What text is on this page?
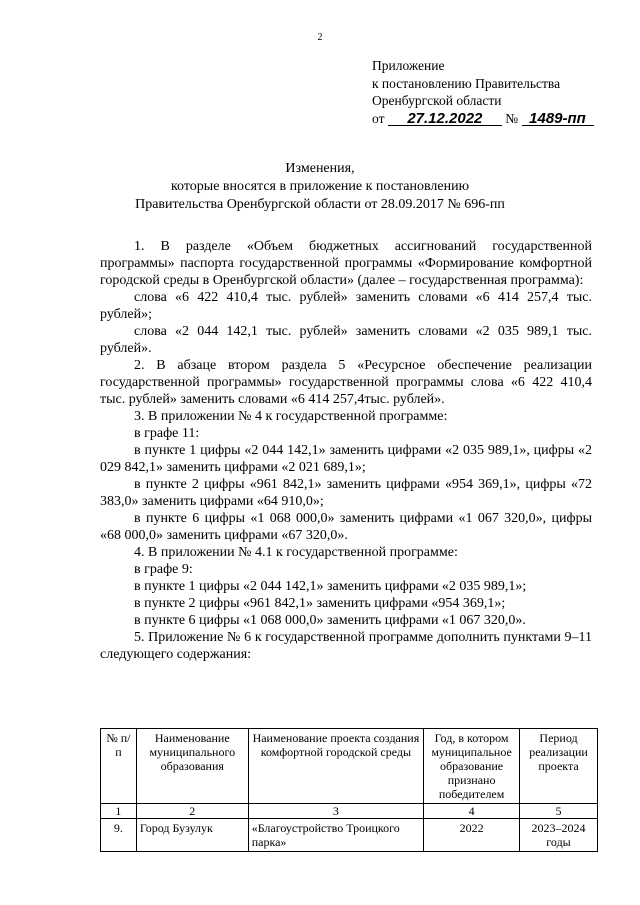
2
Приложение
к постановлению Правительства
Оренбургской области
от 27.12.2022 № 1489-пп
Изменения,
которые вносятся в приложение к постановлению
Правительства Оренбургской области от 28.09.2017 № 696-пп

1. В разделе «Объем бюджетных ассигнований государственной программы» паспорта государственной программы «Формирование комфортной городской среды в Оренбургской области» (далее – государственная программа):

слова «6 422 410,4 тыс. рублей» заменить словами «6 414 257,4 тыс. рублей»;

слова «2 044 142,1 тыс. рублей» заменить словами «2 035 989,1 тыс. рублей».

2. В абзаце втором раздела 5 «Ресурсное обеспечение реализации государственной программы» государственной программы слова «6 422 410,4 тыс. рублей» заменить словами «6 414 257,4тыс. рублей».

3. В приложении № 4 к государственной программе:

в графе 11:

в пункте 1 цифры «2 044 142,1» заменить цифрами «2 035 989,1», цифры «2 029 842,1» заменить цифрами «2 021 689,1»;

в пункте 2 цифры «961 842,1» заменить цифрами «954 369,1», цифры «72 383,0» заменить цифрами «64 910,0»;

в пункте 6 цифры «1 068 000,0» заменить цифрами «1 067 320,0», цифры «68 000,0» заменить цифрами «67 320,0».

4. В приложении № 4.1 к государственной программе:

в графе 9:

в пункте 1 цифры «2 044 142,1» заменить цифрами «2 035 989,1»;

в пункте 2 цифры «961 842,1» заменить цифрами «954 369,1»;

в пункте 6 цифры «1 068 000,0» заменить цифрами «1 067 320,0».

5. Приложение № 6 к государственной программе дополнить пунктами 9–11 следующего содержания:

№ п/п	Наименование муниципального образования	Наименование проекта создания комфортной городской среды	Год, в котором муниципальное образование признано победителем	Период реализации проекта
1	2	3	4	5
9.	Город Бузулук	«Благоустройство Троицкого парка»	2022	2023–2024 годы
